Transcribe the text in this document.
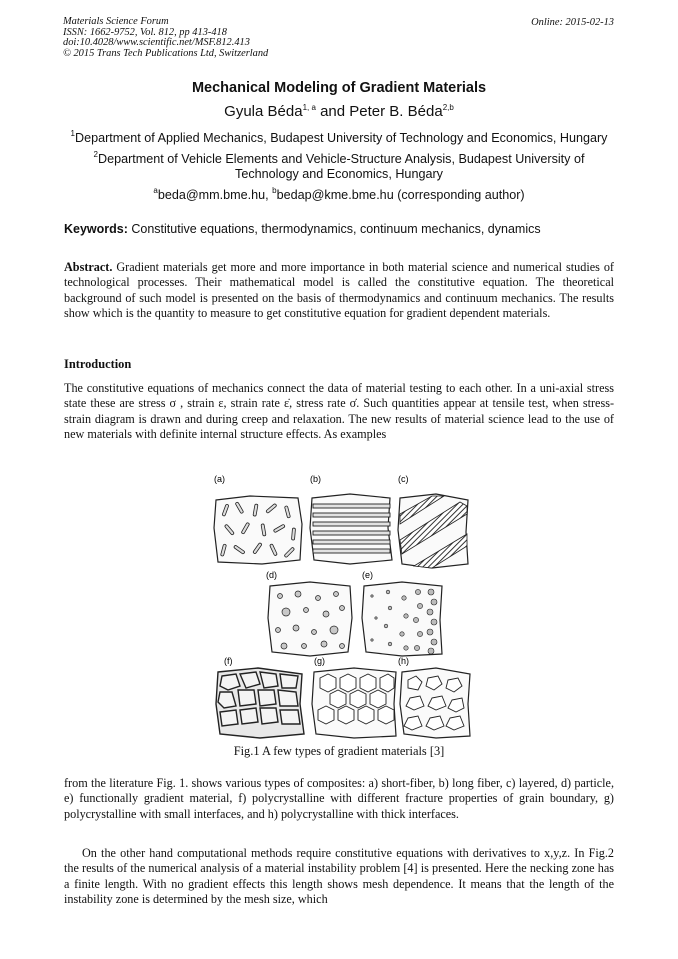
Materials Science Forum
ISSN: 1662-9752, Vol. 812, pp 413-418
doi:10.4028/www.scientific.net/MSF.812.413
© 2015 Trans Tech Publications Ltd, Switzerland
Online: 2015-02-13
Mechanical Modeling of Gradient Materials
Gyula Béda$^{1, a}$ and Peter B. Béda$^{2,b}$
$^1$Department of Applied Mechanics, Budapest University of Technology and Economics, Hungary
$^2$Department of Vehicle Elements and Vehicle-Structure Analysis, Budapest University of
Technology and Economics, Hungary
$^a$beda@mm.bme.hu, $^b$bedap@kme.bme.hu (corresponding author)
Keywords: Constitutive equations, thermodynamics, continuum mechanics, dynamics
Abstract. Gradient materials get more and more importance in both material science and numerical studies of technological processes. Their mathematical model is called the constitutive equation. The theoretical background of such model is presented on the basis of thermodynamics and continuum mechanics. The results show which is the quantity to measure to get constitutive equation for gradient dependent materials.
Introduction
The constitutive equations of mechanics connect the data of material testing to each other. In a uni-axial stress state these are stress σ , strain ε, strain rate ε̇, stress rate σ̇. Such quantities appear at tensile test, when stress-strain diagram is drawn and during creep and relaxation. The new results of material science lead to the use of new materials with definite internal structure effects. As examples
(a)	(b)	(c)
(d)	(e)
(f)	(g)	(h)
Fig.1 A few types of gradient materials [3]
from the literature Fig. 1. shows various types of composites: a) short-fiber, b) long fiber, c) layered, d) particle, e) functionally gradient material, f) polycrystalline with different fracture properties of grain boundary, g) polycrystalline with small interfaces, and h) polycrystalline with thick interfaces.
On the other hand computational methods require constitutive equations with derivatives to x,y,z. In Fig.2 the results of the numerical analysis of a material instability problem [4] is presented. Here the necking zone has a finite length. With no gradient effects this length shows mesh dependence. It means that the length of the instability zone is determined by the mesh size, which
